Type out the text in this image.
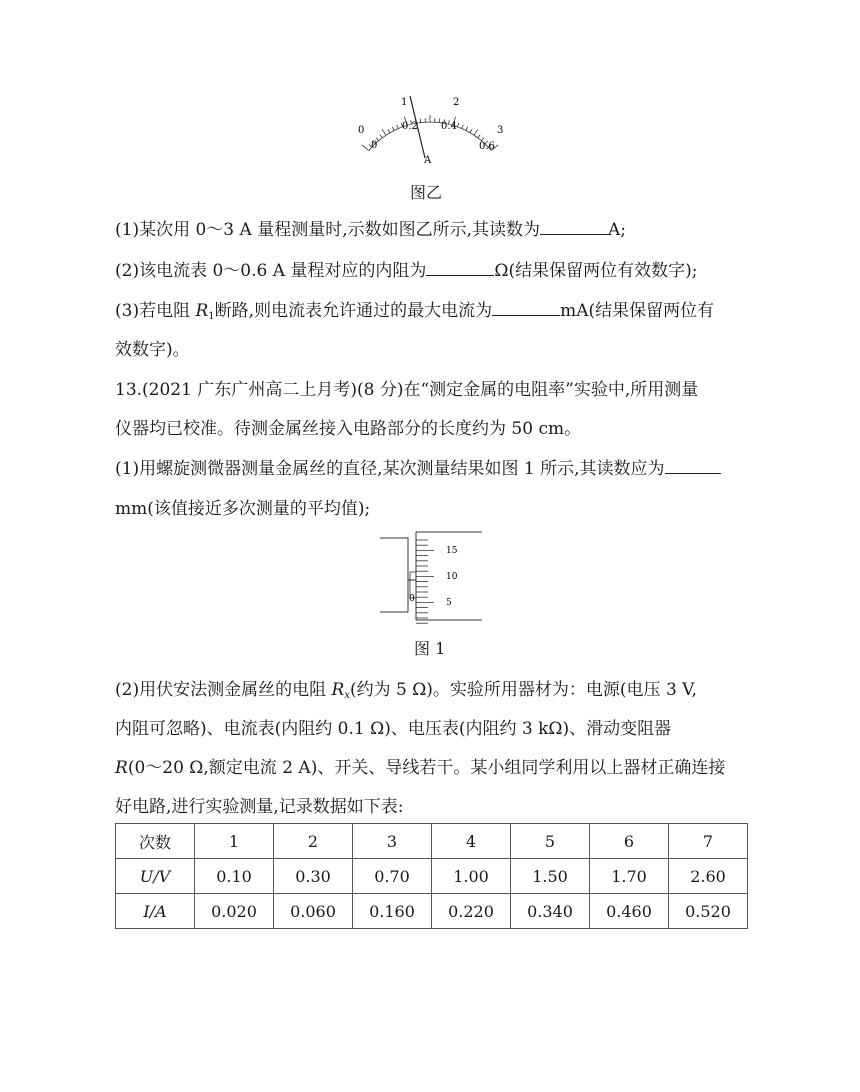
0
1	2
3
0
0.2 0.4
0.6
A
图乙
(1)某次用 0～3 A 量程测量时,示数如图乙所示,其读数为	A;
(2)该电流表 0～0.6 A 量程对应的内阻为	Ω(结果保留两位有效数字);
(3)若电阻 $R_1$断路,则电流表允许通过的最大电流为	mA(结果保留两位有
效数字)。
13.(2021 广东广州高二上月考)(8 分)在“测定金属的电阻率”实验中,所用测量
仪器均已校准。待测金属丝接入电路部分的长度约为 50 cm。
(1)用螺旋测微器测量金属丝的直径,某次测量结果如图 1 所示,其读数应为
mm(该值接近多次测量的平均值);
15
10
5
0
图 1
(2)用伏安法测金属丝的电阻 $R_x$(约为 5 Ω)。实验所用器材为：电源(电压 3 V,
内阻可忽略)、电流表(内阻约 0.1 Ω)、电压表(内阻约 3 kΩ)、滑动变阻器
R(0～20 Ω,额定电流 2 A)、开关、导线若干。某小组同学利用以上器材正确连接
好电路,进行实验测量,记录数据如下表:
次数	1	2	3	4	5	6	7
U/V	0.10	0.30	0.70	1.00	1.50	1.70	2.60
I/A	0.020	0.060	0.160	0.220	0.340	0.460	0.520
